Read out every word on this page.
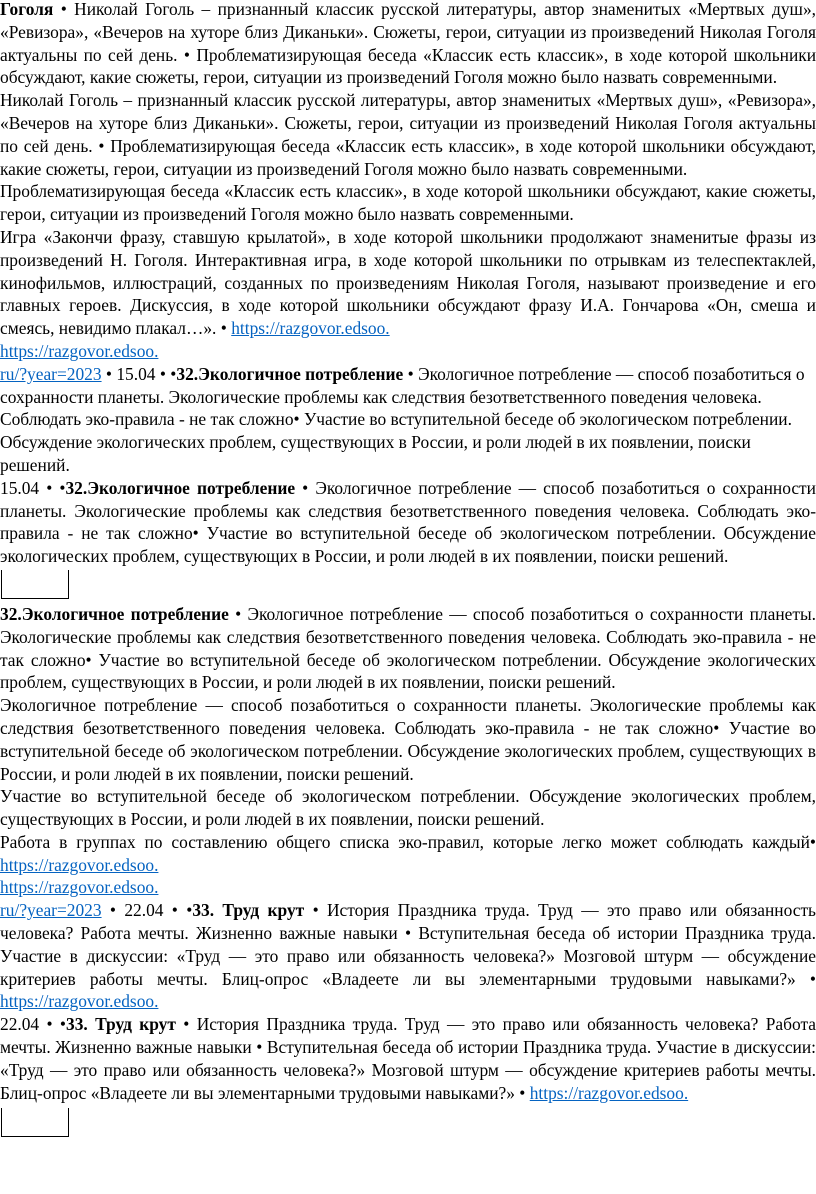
Гоголя • Николай Гоголь – признанный классик русской литературы, автор знаменитых «Мертвых душ», «Ревизора», «Вечеров на хуторе близ Диканьки». Сюжеты, герои, ситуации из произведений Николая Гоголя актуальны по сей день. • Проблематизирующая беседа «Классик есть классик», в ходе которой школьники обсуждают, какие сюжеты, герои, ситуации из произведений Гоголя можно было назвать современными.

Николай Гоголь – признанный классик русской литературы, автор знаменитых «Мертвых душ», «Ревизора», «Вечеров на хуторе близ Диканьки». Сюжеты, герои, ситуации из произведений Николая Гоголя актуальны по сей день. • Проблематизирующая беседа «Классик есть классик», в ходе которой школьники обсуждают, какие сюжеты, герои, ситуации из произведений Гоголя можно было назвать современными.

Проблематизирующая беседа «Классик есть классик», в ходе которой школьники обсуждают, какие сюжеты, герои, ситуации из произведений Гоголя можно было назвать современными.

Игра «Закончи фразу, ставшую крылатой», в ходе которой школьники продолжают знаменитые фразы из произведений Н. Гоголя. Интерактивная игра, в ходе которой школьники по отрывкам из телеспектаклей, кинофильмов, иллюстраций, созданных по произведениям Николая Гоголя, называют произведение и его главных героев. Дискуссия, в ходе которой школьники обсуждают фразу И.А. Гончарова «Он, смеша и смеясь, невидимо плакал…». • https://razgovor.edsoo.

https://razgovor.edsoo.
ru/?year=2023 • 15.04 • •32.Экологичное потребление • Экологичное потребление — способ позаботиться о сохранности планеты. Экологические проблемы как следствия безответственного поведения человека. Соблюдать эко-правила - не так сложно• Участие во вступительной беседе об экологическом потреблении. Обсуждение экологических проблем, существующих в России, и роли людей в их появлении, поиски решений.

15.04 • •32.Экологичное потребление • Экологичное потребление — способ позаботиться о сохранности планеты. Экологические проблемы как следствия безответственного поведения человека. Соблюдать эко-правила - не так сложно• Участие во вступительной беседе об экологическом потреблении. Обсуждение экологических проблем, существующих в России, и роли людей в их появлении, поиски решений.

32.Экологичное потребление • Экологичное потребление — способ позаботиться о сохранности планеты. Экологические проблемы как следствия безответственного поведения человека. Соблюдать эко-правила - не так сложно• Участие во вступительной беседе об экологическом потреблении. Обсуждение экологических проблем, существующих в России, и роли людей в их появлении, поиски решений.

Экологичное потребление — способ позаботиться о сохранности планеты. Экологические проблемы как следствия безответственного поведения человека. Соблюдать эко-правила - не так сложно• Участие во вступительной беседе об экологическом потреблении. Обсуждение экологических проблем, существующих в России, и роли людей в их появлении, поиски решений.

Участие во вступительной беседе об экологическом потреблении. Обсуждение экологических проблем, существующих в России, и роли людей в их появлении, поиски решений.

Работа в группах по составлению общего списка эко-правил, которые легко может соблюдать каждый• https://razgovor.edsoo.

https://razgovor.edsoo.
ru/?year=2023 • 22.04 • •33. Труд крут • История Праздника труда. Труд — это право или обязанность человека? Работа мечты. Жизненно важные навыки • Вступительная беседа об истории Праздника труда. Участие в дискуссии: «Труд — это право или обязанность человека?» Мозговой штурм — обсуждение критериев работы мечты. Блиц-опрос «Владеете ли вы элементарными трудовыми навыками?» • https://razgovor.edsoo.

22.04 • •33. Труд крут • История Праздника труда. Труд — это право или обязанность человека? Работа мечты. Жизненно важные навыки • Вступительная беседа об истории Праздника труда. Участие в дискуссии: «Труд — это право или обязанность человека?» Мозговой штурм — обсуждение критериев работы мечты. Блиц-опрос «Владеете ли вы элементарными трудовыми навыками?» • https://razgovor.edsoo.
